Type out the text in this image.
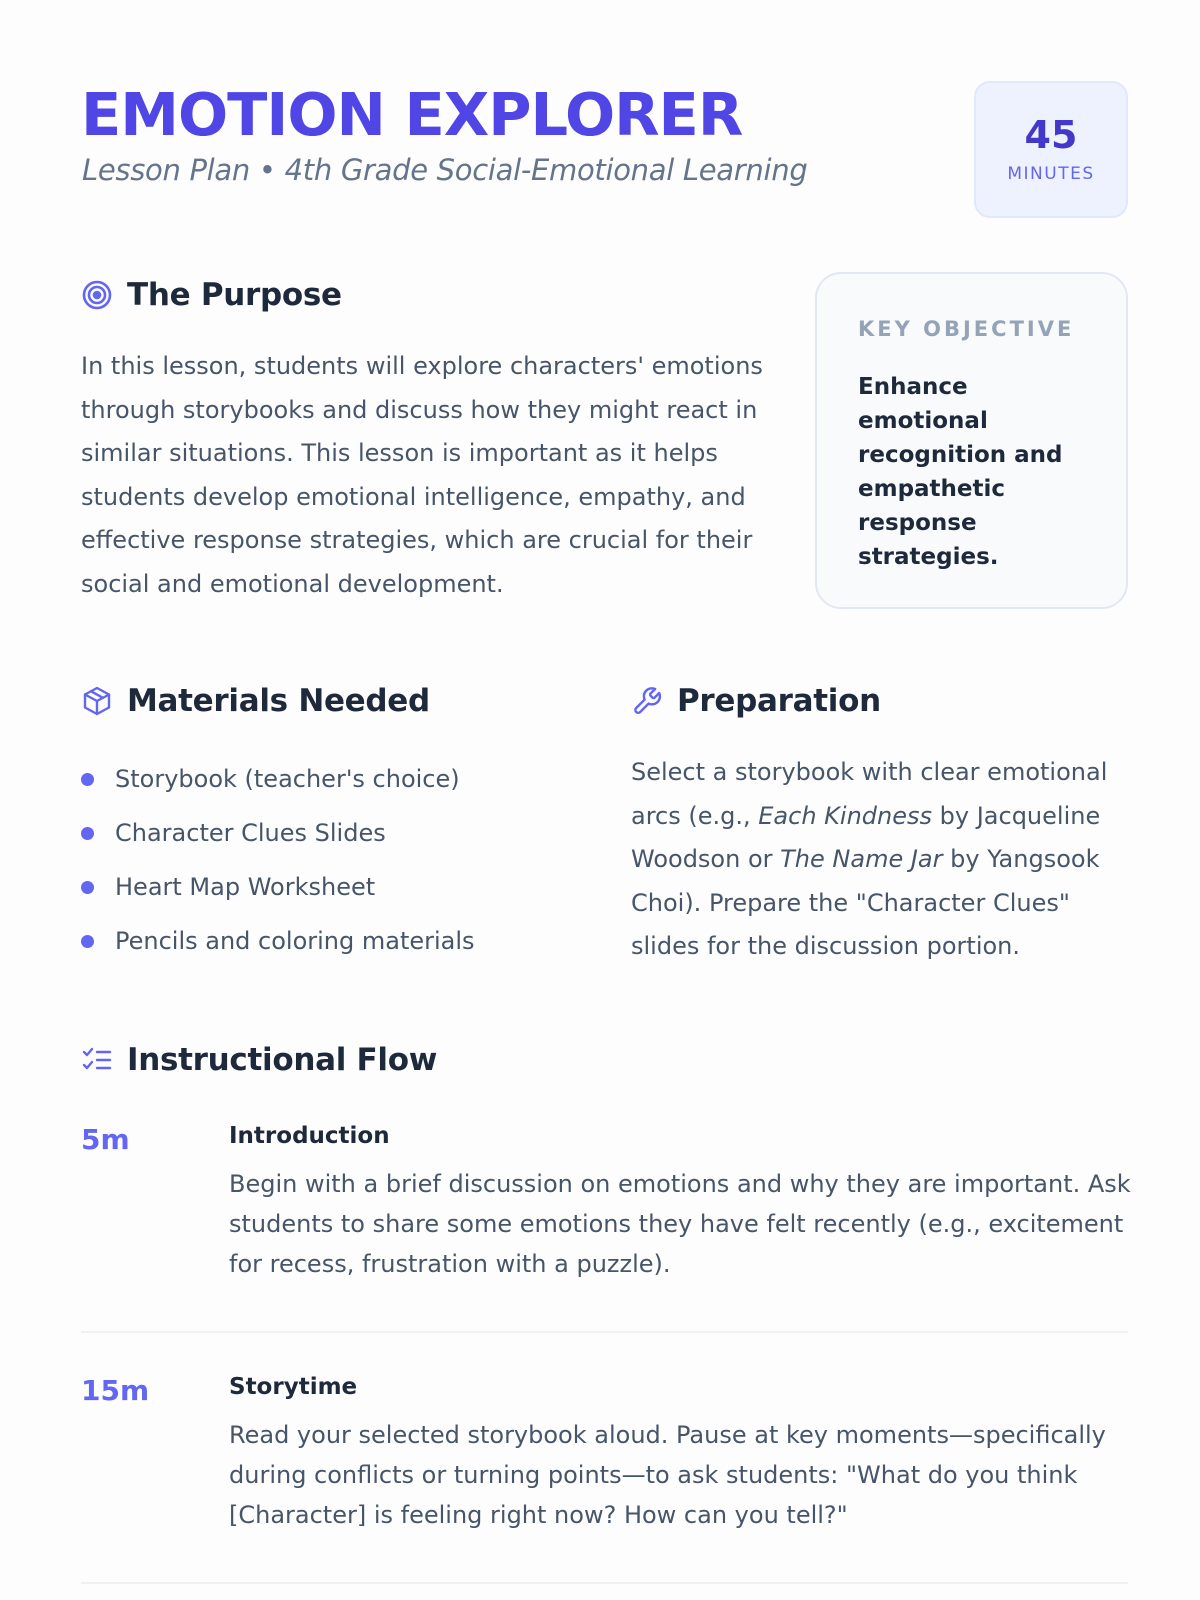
EMOTION EXPLORER
Lesson Plan • 4th Grade Social-Emotional Learning
45
MINUTES
The Purpose

In this lesson, students will explore characters' emotions through storybooks and discuss how they might react in similar situations. This lesson is important as it helps students develop emotional intelligence, empathy, and effective response strategies, which are crucial for their social and emotional development.

KEY OBJECTIVE
Enhance emotional recognition and empathetic response strategies.
Materials Needed
Storybook (teacher's choice)
Character Clues Slides
Heart Map Worksheet
Pencils and coloring materials
Preparation

Select a storybook with clear emotional arcs (e.g., Each Kindness by Jacqueline Woodson or The Name Jar by Yangsook Choi). Prepare the "Character Clues" slides for the discussion portion.

Instructional Flow
5m	Introduction
Begin with a brief discussion on emotions and why they are important. Ask students to share some emotions they have felt recently (e.g., excitement for recess, frustration with a puzzle).
15m	Storytime
Read your selected storybook aloud. Pause at key moments—specifically during conflicts or turning points—to ask students: "What do you think [Character] is feeling right now? How can you tell?"
